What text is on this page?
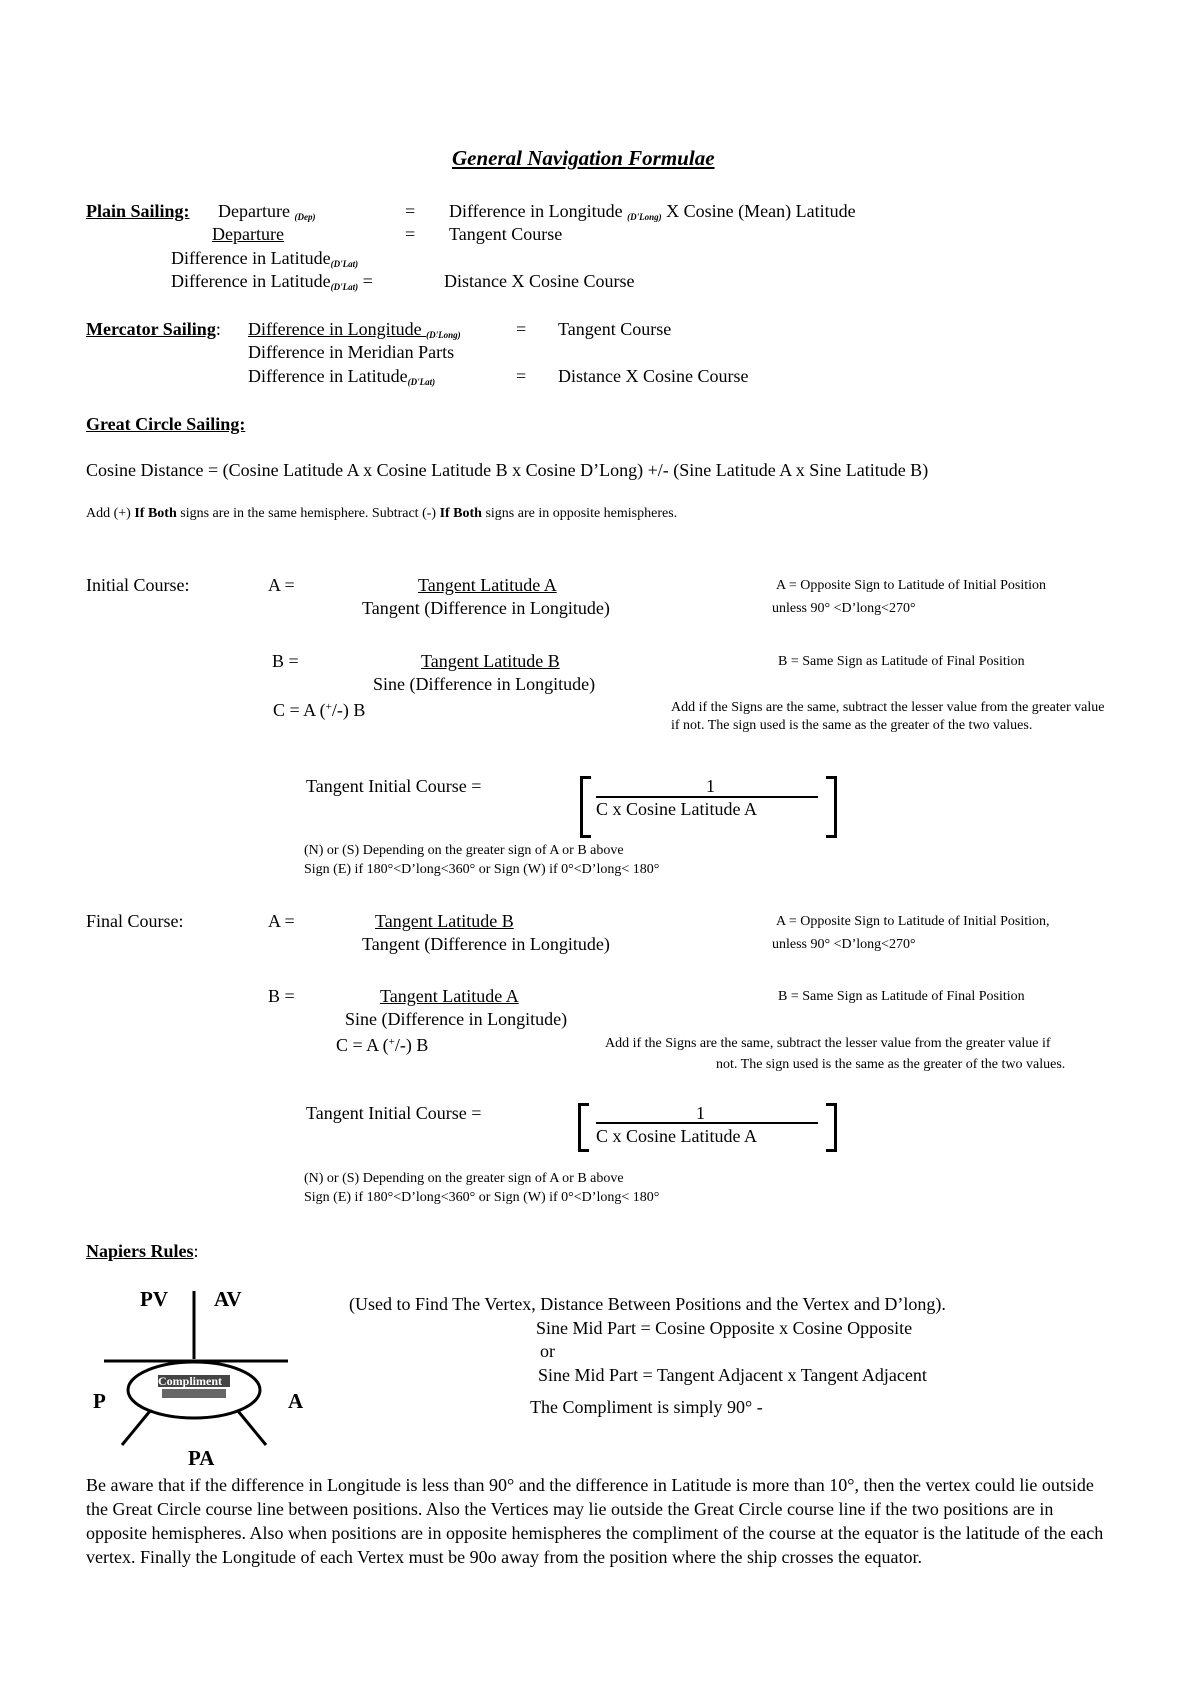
General Navigation Formulae
Plain Sailing: Departure $_{(Dep)}$	= Difference in Longitude $_{(D'Long)}$ X Cosine (Mean) Latitude
Departure	= Tangent Course
Difference in Latitude$_{(D'Lat)}$
Difference in Latitude$_{(D'Lat)}$ =	Distance X Cosine Course
Mercator Sailing: Difference in Longitude $_{(D'Long)}$	= Tangent Course
Difference in Meridian Parts
Difference in Latitude$_{(D'Lat)}$	= Distance X Cosine Course
Great Circle Sailing:
Cosine Distance = (Cosine Latitude A x Cosine Latitude B x Cosine D’Long) +/- (Sine Latitude A x Sine Latitude B)
Add (+) If Both signs are in the same hemisphere. Subtract (-) If Both signs are in opposite hemispheres.
Initial Course:	A =	Tangent Latitude A
Tangent (Difference in Longitude)
A = Opposite Sign to Latitude of Initial Position
unless 90° <D’long<270°
B =	Tangent Latitude B
Sine (Difference in Longitude)
B = Same Sign as Latitude of Final Position
C = A (+/-) B	Add if the Signs are the same, subtract the lesser value from the greater value if not. The sign used is the same as the greater of the two values.
Tangent Initial Course =	1
C x Cosine Latitude A
(N) or (S) Depending on the greater sign of A or B above
Sign (E) if 180°<D’long<360° or Sign (W) if 0°<D’long< 180°
Final Course:	A =	Tangent Latitude B
Tangent (Difference in Longitude)
A = Opposite Sign to Latitude of Initial Position,
unless 90° <D’long<270°
B =	Tangent Latitude A
Sine (Difference in Longitude)
B = Same Sign as Latitude of Final Position
C = A (+/-) B	Add if the Signs are the same, subtract the lesser value from the greater value if
not. The sign used is the same as the greater of the two values.
Tangent Initial Course =	1
C x Cosine Latitude A
(N) or (S) Depending on the greater sign of A or B above
Sign (E) if 180°<D’long<360° or Sign (W) if 0°<D’long< 180°
Napiers Rules:
PV AV
P	A
PA
Compliment
(Used to Find The Vertex, Distance Between Positions and the Vertex and D’long).
Sine Mid Part = Cosine Opposite x Cosine Opposite
or
Sine Mid Part = Tangent Adjacent x Tangent Adjacent
The Compliment is simply 90° -
Be aware that if the difference in Longitude is less than 90° and the difference in Latitude is more than 10°, then the vertex could lie outside the Great Circle course line between positions. Also the Vertices may lie outside the Great Circle course line if the two positions are in opposite hemispheres. Also when positions are in opposite hemispheres the compliment of the course at the equator is the latitude of the each vertex. Finally the Longitude of each Vertex must be 90o away from the position where the ship crosses the equator.
